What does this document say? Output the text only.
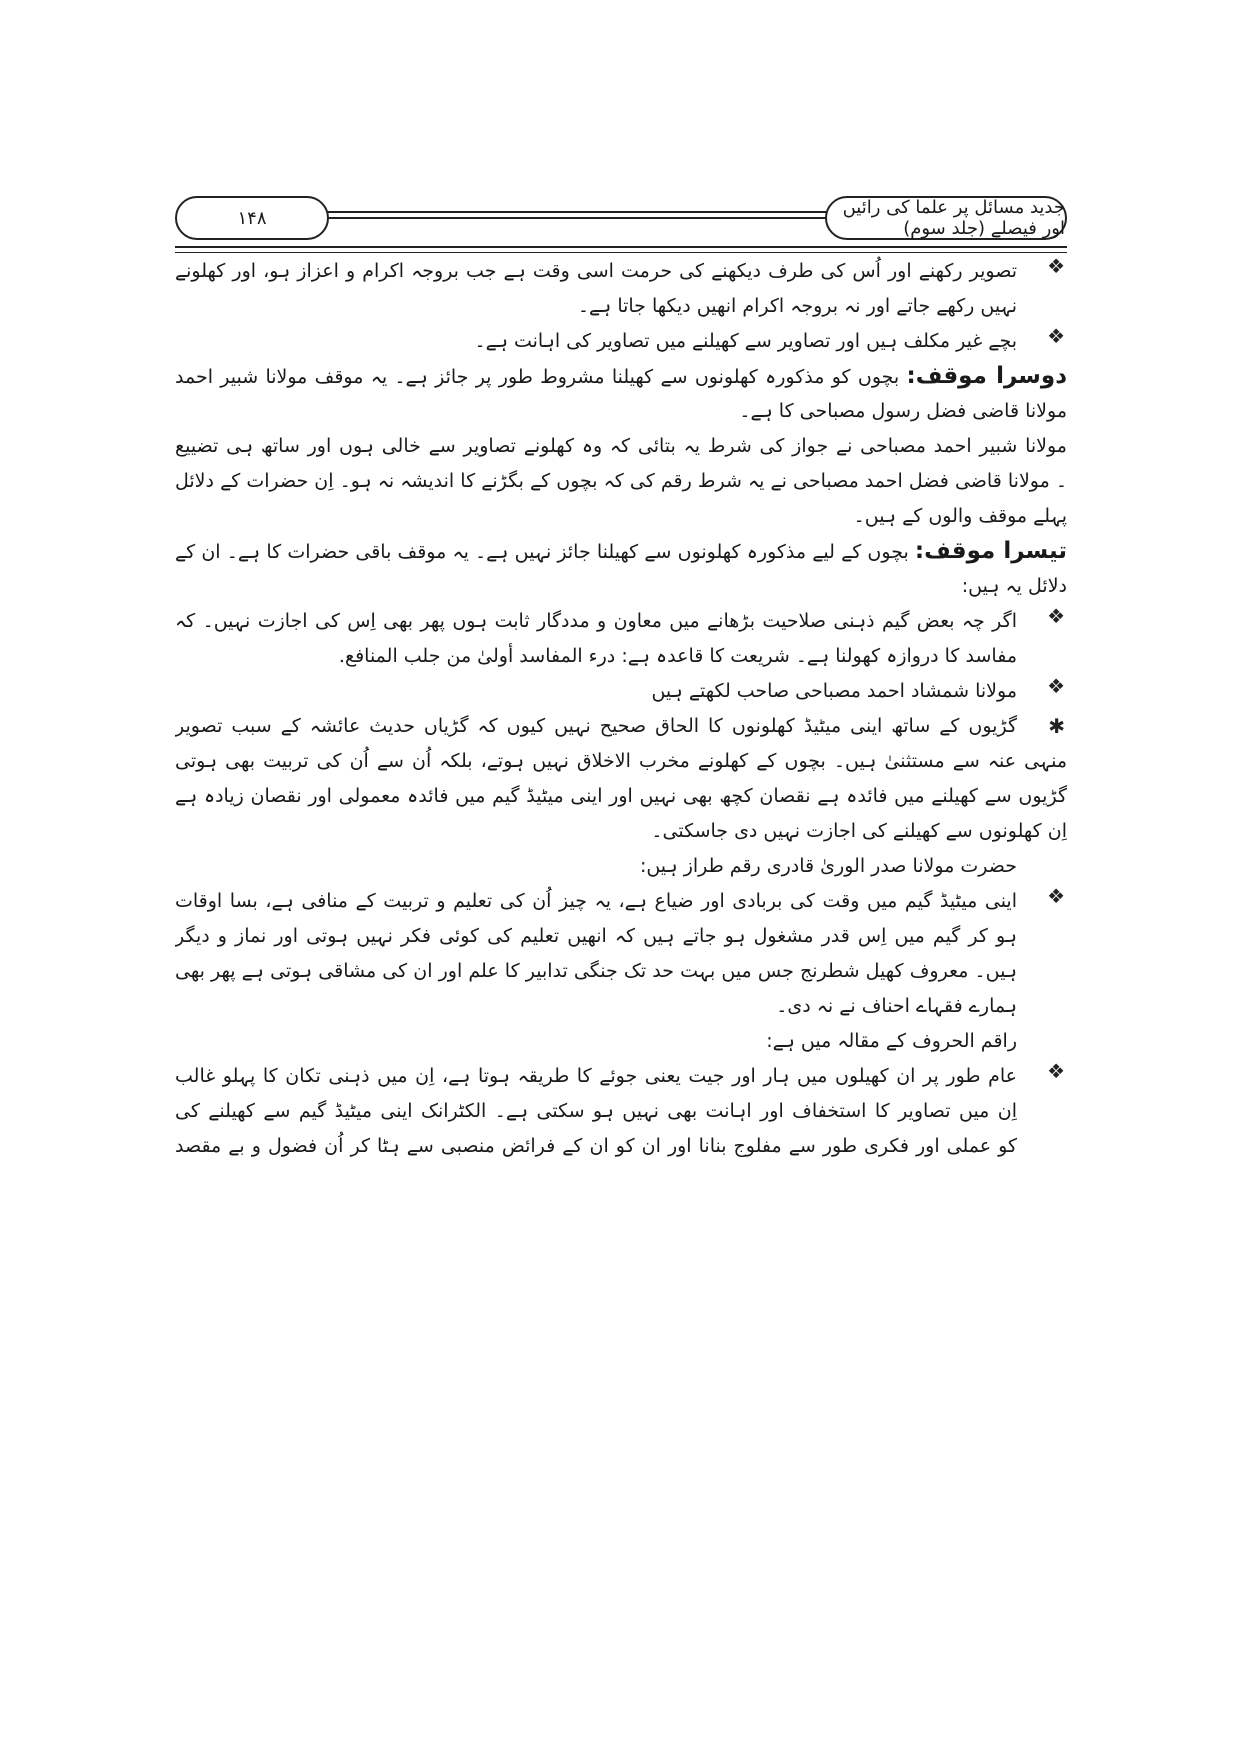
جدید مسائل پر علما کی رائیں اور فیصلے (جلد سوم)
۱۴۸
❖
تصویر رکھنے اور اُس کی طرف دیکھنے کی حرمت اسی وقت ہے جب بروجہ اکرام و اعزاز ہو، اور کھلونے
نہیں رکھے جاتے اور نہ بروجہ اکرام انھیں دیکھا جاتا ہے۔
❖
بچے غیر مکلف ہیں اور تصاویر سے کھیلنے میں تصاویر کی اہانت ہے۔
دوسرا موقف: بچوں کو مذکورہ کھلونوں سے کھیلنا مشروط طور پر جائز ہے۔ یہ موقف مولانا شبیر احمد
مولانا قاضی فضل رسول مصباحی کا ہے۔
مولانا شبیر احمد مصباحی نے جواز کی شرط یہ بتائی کہ وہ کھلونے تصاویر سے خالی ہوں اور ساتھ ہی تضییع
۔ مولانا قاضی فضل احمد مصباحی نے یہ شرط رقم کی کہ بچوں کے بگڑنے کا اندیشہ نہ ہو۔ اِن حضرات کے دلائل
پہلے موقف والوں کے ہیں۔
تیسرا موقف: بچوں کے لیے مذکورہ کھلونوں سے کھیلنا جائز نہیں ہے۔ یہ موقف باقی حضرات کا ہے۔ ان کے
دلائل یہ ہیں:
❖
اگر چہ بعض گیم ذہنی صلاحیت بڑھانے میں معاون و مددگار ثابت ہوں پھر بھی اِس کی اجازت نہیں۔ کہ
مفاسد کا دروازہ کھولنا ہے۔ شریعت کا قاعدہ ہے: درء المفاسد أولیٰ من جلب المنافع.
❖
مولانا شمشاد احمد مصباحی صاحب لکھتے ہیں
✱
گڑیوں کے ساتھ اینی میٹیڈ کھلونوں کا الحاق صحیح نہیں کیوں کہ گڑیاں حدیث عائشہ کے سبب تصویر
منہی عنہ سے مستثنیٰ ہیں۔ بچوں کے کھلونے مخرب الاخلاق نہیں ہوتے، بلکہ اُن سے اُن کی تربیت بھی ہوتی
گڑیوں سے کھیلنے میں فائدہ ہے نقصان کچھ بھی نہیں اور اینی میٹیڈ گیم میں فائدہ معمولی اور نقصان زیادہ ہے
اِن کھلونوں سے کھیلنے کی اجازت نہیں دی جاسکتی۔
حضرت مولانا صدر الوریٰ قادری رقم طراز ہیں:
❖
اینی میٹیڈ گیم میں وقت کی بربادی اور ضیاع ہے، یہ چیز اُن کی تعلیم و تربیت کے منافی ہے، بسا اوقات
ہو کر گیم میں اِس قدر مشغول ہو جاتے ہیں کہ انھیں تعلیم کی کوئی فکر نہیں ہوتی اور نماز و دیگر
ہیں۔ معروف کھیل شطرنج جس میں بہت حد تک جنگی تدابیر کا علم اور ان کی مشاقی ہوتی ہے پھر بھی
ہمارے فقہاے احناف نے نہ دی۔
راقم الحروف کے مقالہ میں ہے:
❖
عام طور پر ان کھیلوں میں ہار اور جیت یعنی جوئے کا طریقہ ہوتا ہے، اِن میں ذہنی تکان کا پہلو غالب
اِن میں تصاویر کا استخفاف اور اہانت بھی نہیں ہو سکتی ہے۔ الکٹرانک اینی میٹیڈ گیم سے کھیلنے کی
کو عملی اور فکری طور سے مفلوج بنانا اور ان کو ان کے فرائض منصبی سے ہٹا کر اُن فضول و بے مقصد
